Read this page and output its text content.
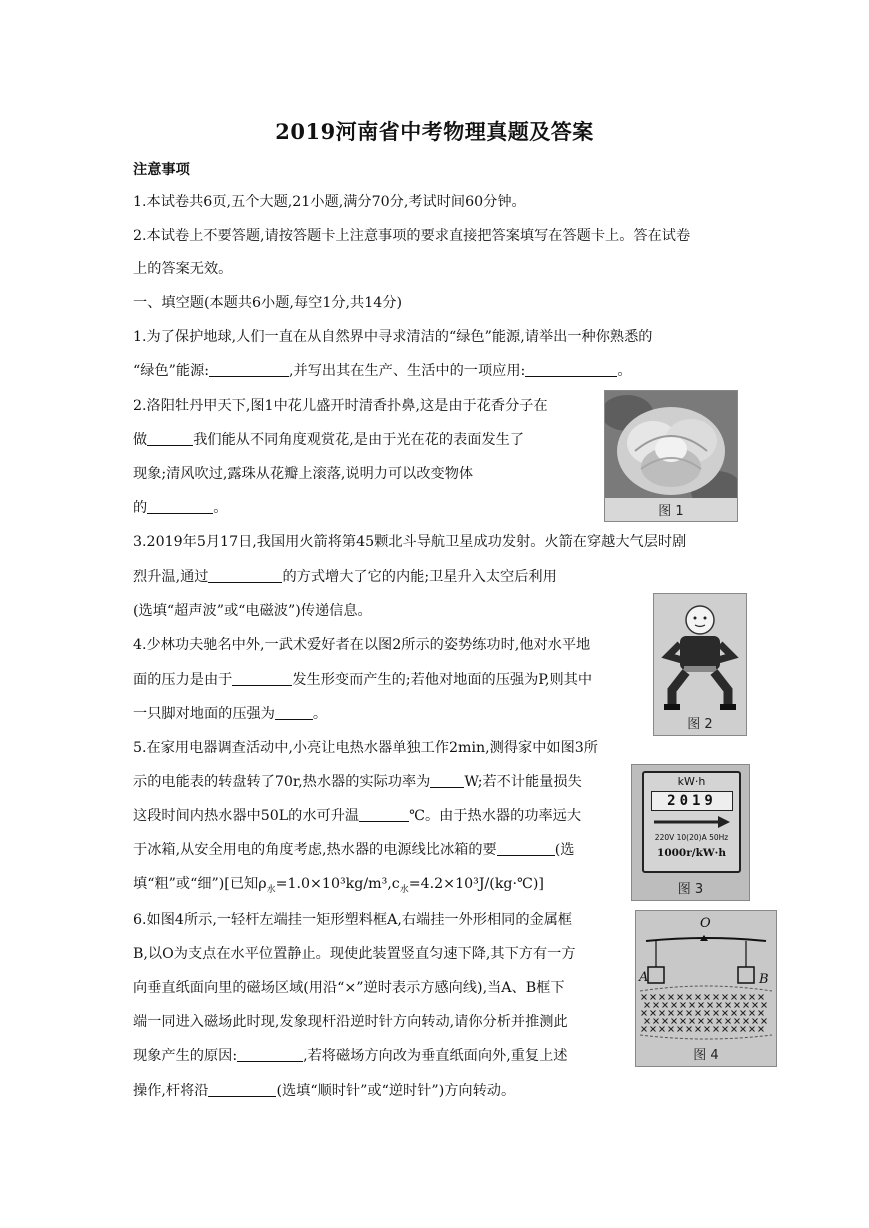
2019河南省中考物理真题及答案
注意事项
1.本试卷共6页,五个大题,21小题,满分70分,考试时间60分钟。
2.本试卷上不要答题,请按答题卡上注意事项的要求直接把答案填写在答题卡上。答在试卷
上的答案无效。
一、填空题(本题共6小题,每空1分,共14分)
1.为了保护地球,人们一直在从自然界中寻求清洁的“绿色”能源,请举出一种你熟悉的
“绿色”能源:	,并写出其在生产、生活中的一项应用:	。
2.洛阳牡丹甲天下,图1中花儿盛开时清香扑鼻,这是由于花香分子在
做	我们能从不同角度观赏花,是由于光在花的表面发生了
现象;清风吹过,露珠从花瓣上滚落,说明力可以改变物体
的	。
3.2019年5月17日,我国用火箭将第45颗北斗导航卫星成功发射。火箭在穿越大气层时剧
烈升温,通过	的方式增大了它的内能;卫星升入太空后利用
(选填“超声波”或“电磁波”)传递信息。
4.少林功夫驰名中外,一武术爱好者在以图2所示的姿势练功时,他对水平地
面的压力是由于	发生形变而产生的;若他对地面的压强为P,则其中
一只脚对地面的压强为	。
5.在家用电器调查活动中,小亮让电热水器单独工作2min,测得家中如图3所
示的电能表的转盘转了70r,热水器的实际功率为 W;若不计能量损失
这段时间内热水器中50L的水可升温	℃。由于热水器的功率远大
于冰箱,从安全用电的角度考虑,热水器的电源线比冰箱的要	(选
填“粗”或“细”)[已知$\rho_水=1.0\times 10^3kg/m^3,c_水=4.2\times 10^3J/(kg\cdot℃)$]
6.如图4所示,一轻杆左端挂一矩形塑料框A,右端挂一外形相同的金属框
B,以O为支点在水平位置静止。现使此装置竖直匀速下降,其下方有一方
向垂直纸面向里的磁场区域(用沿“×”逆时表示方感向线),当A、B框下
端一同进入磁场此时现,发象现杆沿逆时针方向转动,请你分析并推测此
现象产生的原因:	,若将磁场方向改为垂直纸面向外,重复上述
操作,杆将沿	(选填“顺时针”或“逆时针”)方向转动。
图 1
图 2
kW·h
2019
220V 10(20)A 50Hz
1000r/kW·h
图 3
O
A	B
图 4
